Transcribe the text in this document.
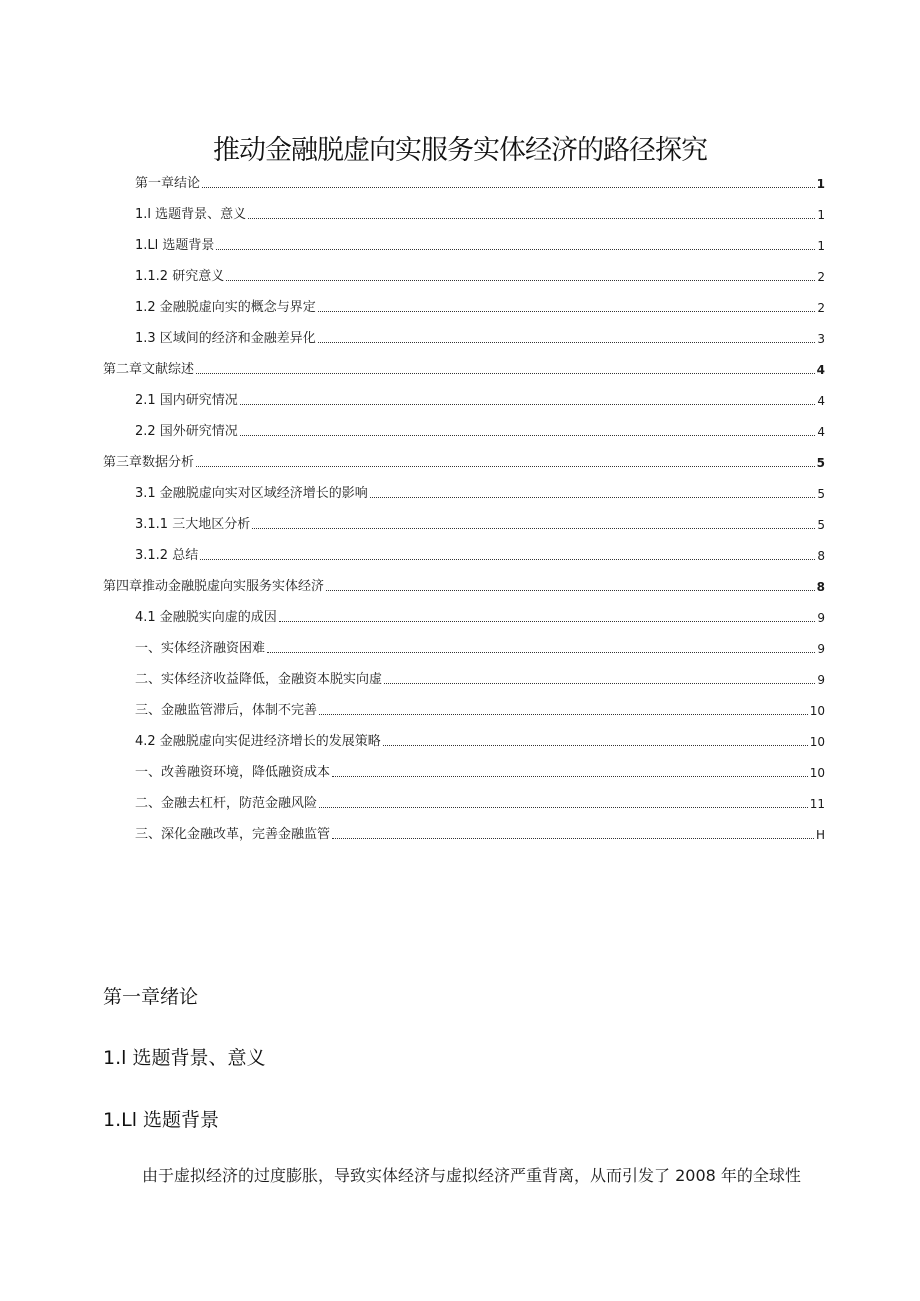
推动金融脱虚向实服务实体经济的路径探究
第一章结论	1
1.l 选题背景、意义	1
1.Ll 选题背景	1
1.1.2 研究意义	2
1.2 金融脱虚向实的概念与界定	2
1.3 区域间的经济和金融差异化	3
第二章文献综述	4
2.1 国内研究情况	4
2.2 国外研究情况	4
第三章数据分析	5
3.1 金融脱虚向实对区域经济增长的影响	5
3.1.1 三大地区分析	5
3.1.2 总结	8
第四章推动金融脱虚向实服务实体经济	8
4.1 金融脱实向虚的成因	9
一、实体经济融资困难	9
二、实体经济收益降低，金融资本脱实向虚	9
三、金融监管滞后，体制不完善	10
4.2 金融脱虚向实促进经济增长的发展策略	10
一、改善融资环境，降低融资成本	10
二、金融去杠杆，防范金融风险	11
三、深化金融改革，完善金融监管	H
第一章绪论
1.l 选题背景、意义
1.Ll 选题背景

由于虚拟经济的过度膨胀，导致实体经济与虚拟经济严重背离，从而引发了 2008 年的全球性
